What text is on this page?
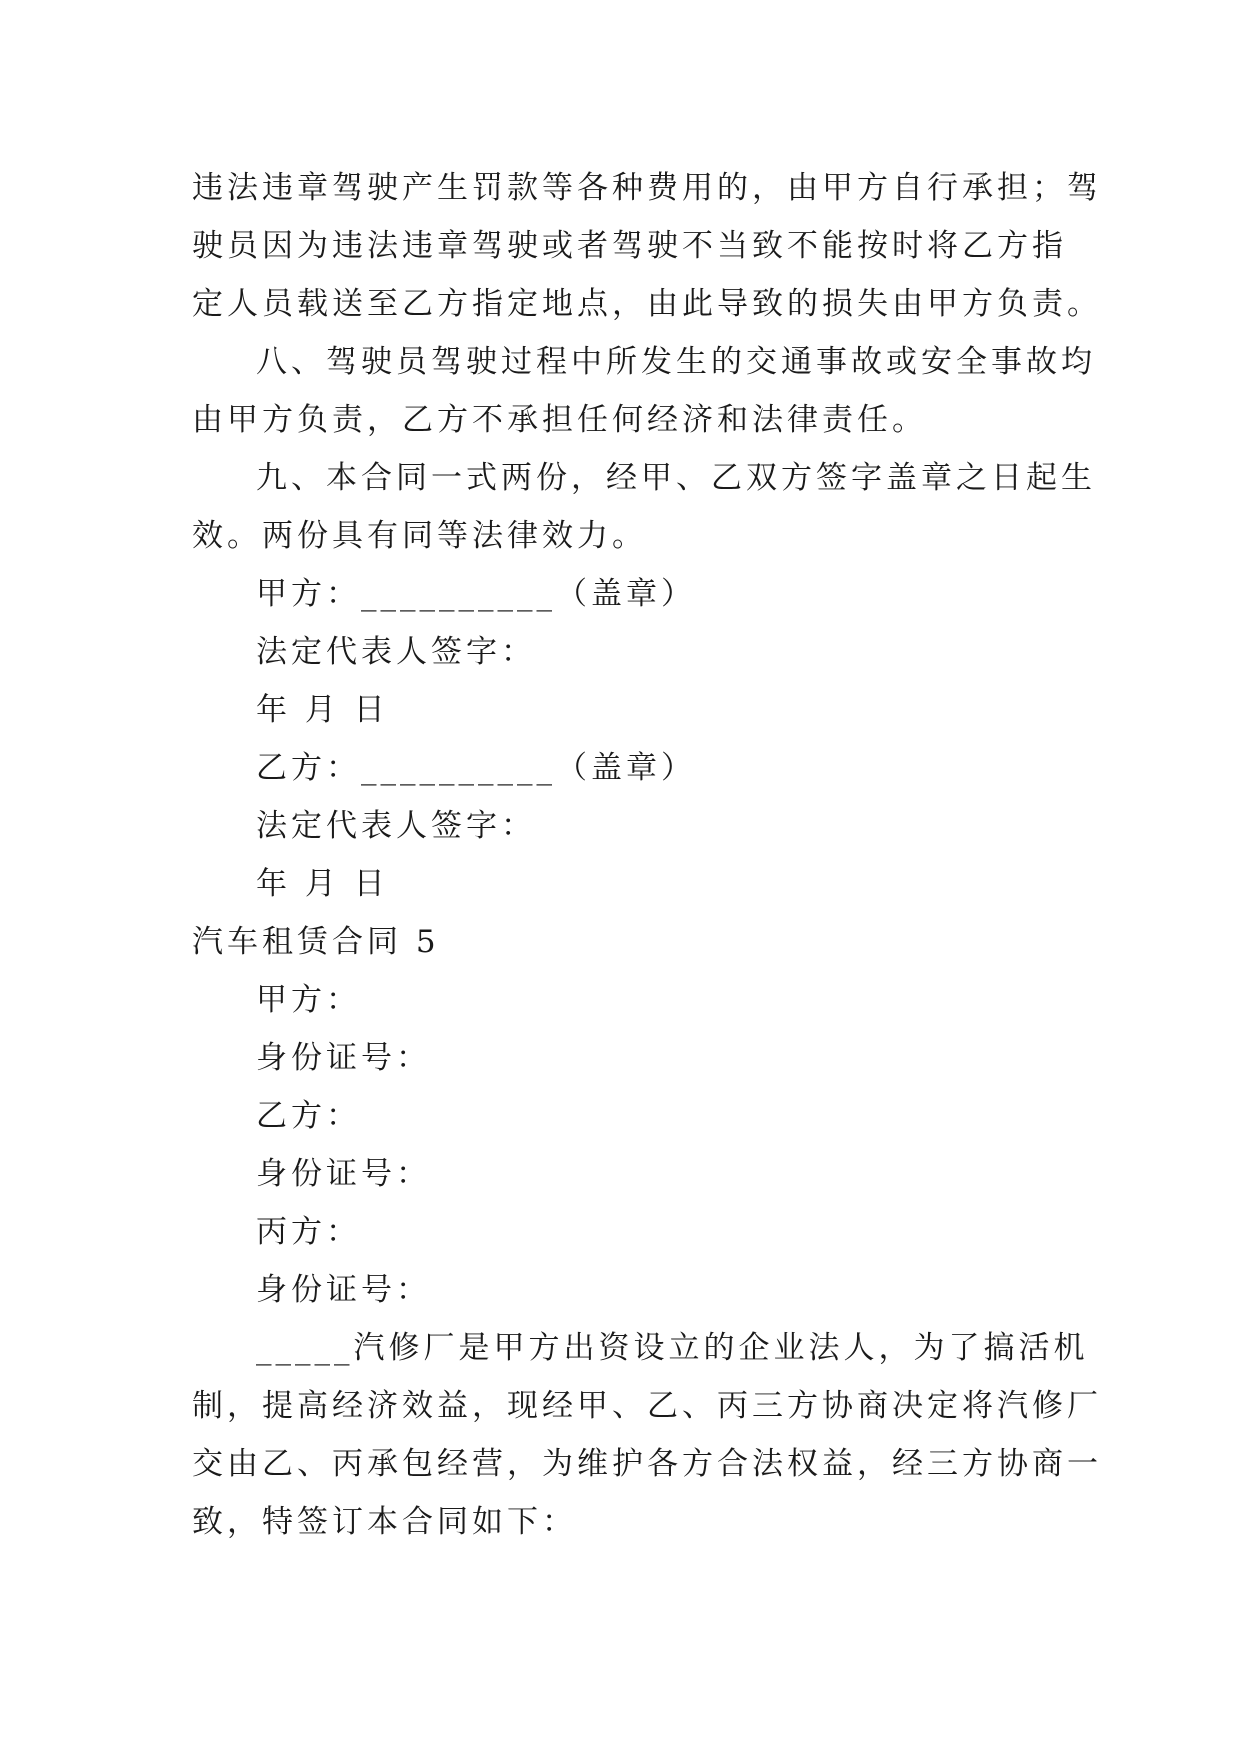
违法违章驾驶产生罚款等各种费用的，由甲方自行承担；驾
驶员因为违法违章驾驶或者驾驶不当致不能按时将乙方指
定人员载送至乙方指定地点，由此导致的损失由甲方负责。
八、驾驶员驾驶过程中所发生的交通事故或安全事故均
由甲方负责，乙方不承担任何经济和法律责任。
九、本合同一式两份，经甲、乙双方签字盖章之日起生
效。两份具有同等法律效力。
甲方：__________（盖章）
法定代表人签字：
年 月 日
乙方：__________（盖章）
法定代表人签字：
年 月 日
汽车租赁合同 5
甲方：
身份证号：
乙方：
身份证号：
丙方：
身份证号：
_____汽修厂是甲方出资设立的企业法人，为了搞活机
制，提高经济效益，现经甲、乙、丙三方协商决定将汽修厂
交由乙、丙承包经营，为维护各方合法权益，经三方协商一
致，特签订本合同如下：
